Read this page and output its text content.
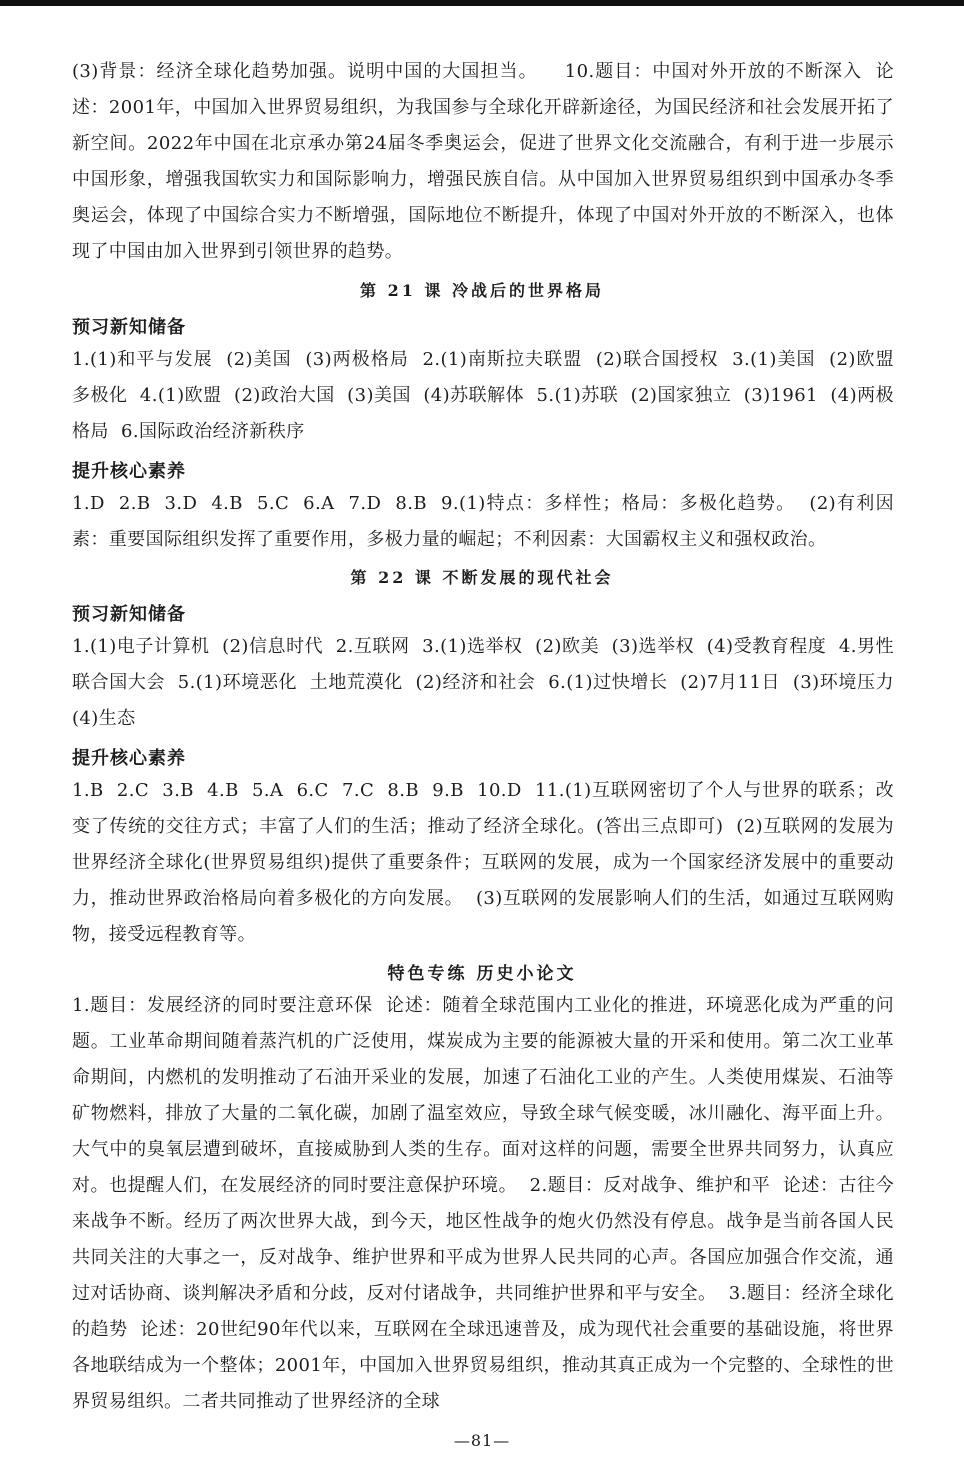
(3)背景：经济全球化趋势加强。说明中国的大国担当。    10.题目：中国对外开放的不断深入  论述：2001年，中国加入世界贸易组织，为我国参与全球化开辟新途径，为国民经济和社会发展开拓了新空间。2022年中国在北京承办第24届冬季奥运会，促进了世界文化交流融合，有利于进一步展示中国形象，增强我国软实力和国际影响力，增强民族自信。从中国加入世界贸易组织到中国承办冬季奥运会，体现了中国综合实力不断增强，国际地位不断提升，体现了中国对外开放的不断深入，也体现了中国由加入世界到引领世界的趋势。
第 21 课 冷战后的世界格局
预习新知储备
1.(1)和平与发展  (2)美国  (3)两极格局  2.(1)南斯拉夫联盟  (2)联合国授权  3.(1)美国  (2)欧盟  多极化  4.(1)欧盟  (2)政治大国  (3)美国  (4)苏联解体  5.(1)苏联  (2)国家独立  (3)1961  (4)两极格局  6.国际政治经济新秩序
提升核心素养
1.D  2.B  3.D  4.B  5.C  6.A  7.D  8.B  9.(1)特点：多样性；格局：多极化趋势。  (2)有利因素：重要国际组织发挥了重要作用，多极力量的崛起；不利因素：大国霸权主义和强权政治。
第 22 课 不断发展的现代社会
预习新知储备
1.(1)电子计算机  (2)信息时代  2.互联网  3.(1)选举权  (2)欧美  (3)选举权  (4)受教育程度  4.男性  联合国大会  5.(1)环境恶化  土地荒漠化  (2)经济和社会  6.(1)过快增长  (2)7月11日  (3)环境压力  (4)生态
提升核心素养
1.B  2.C  3.B  4.B  5.A  6.C  7.C  8.B  9.B  10.D  11.(1)互联网密切了个人与世界的联系；改变了传统的交往方式；丰富了人们的生活；推动了经济全球化。(答出三点即可)  (2)互联网的发展为世界经济全球化(世界贸易组织)提供了重要条件；互联网的发展，成为一个国家经济发展中的重要动力，推动世界政治格局向着多极化的方向发展。  (3)互联网的发展影响人们的生活，如通过互联网购物，接受远程教育等。
特色专练 历史小论文
1.题目：发展经济的同时要注意环保  论述：随着全球范围内工业化的推进，环境恶化成为严重的问题。工业革命期间随着蒸汽机的广泛使用，煤炭成为主要的能源被大量的开采和使用。第二次工业革命期间，内燃机的发明推动了石油开采业的发展，加速了石油化工业的产生。人类使用煤炭、石油等矿物燃料，排放了大量的二氧化碳，加剧了温室效应，导致全球气候变暖，冰川融化、海平面上升。大气中的臭氧层遭到破坏，直接威胁到人类的生存。面对这样的问题，需要全世界共同努力，认真应对。也提醒人们，在发展经济的同时要注意保护环境。  2.题目：反对战争、维护和平  论述：古往今来战争不断。经历了两次世界大战，到今天，地区性战争的炮火仍然没有停息。战争是当前各国人民共同关注的大事之一，反对战争、维护世界和平成为世界人民共同的心声。各国应加强合作交流，通过对话协商、谈判解决矛盾和分歧，反对付诸战争，共同维护世界和平与安全。  3.题目：经济全球化的趋势  论述：20世纪90年代以来，互联网在全球迅速普及，成为现代社会重要的基础设施，将世界各地联结成为一个整体；2001年，中国加入世界贸易组织，推动其真正成为一个完整的、全球性的世界贸易组织。二者共同推动了世界经济的全球
—81—
